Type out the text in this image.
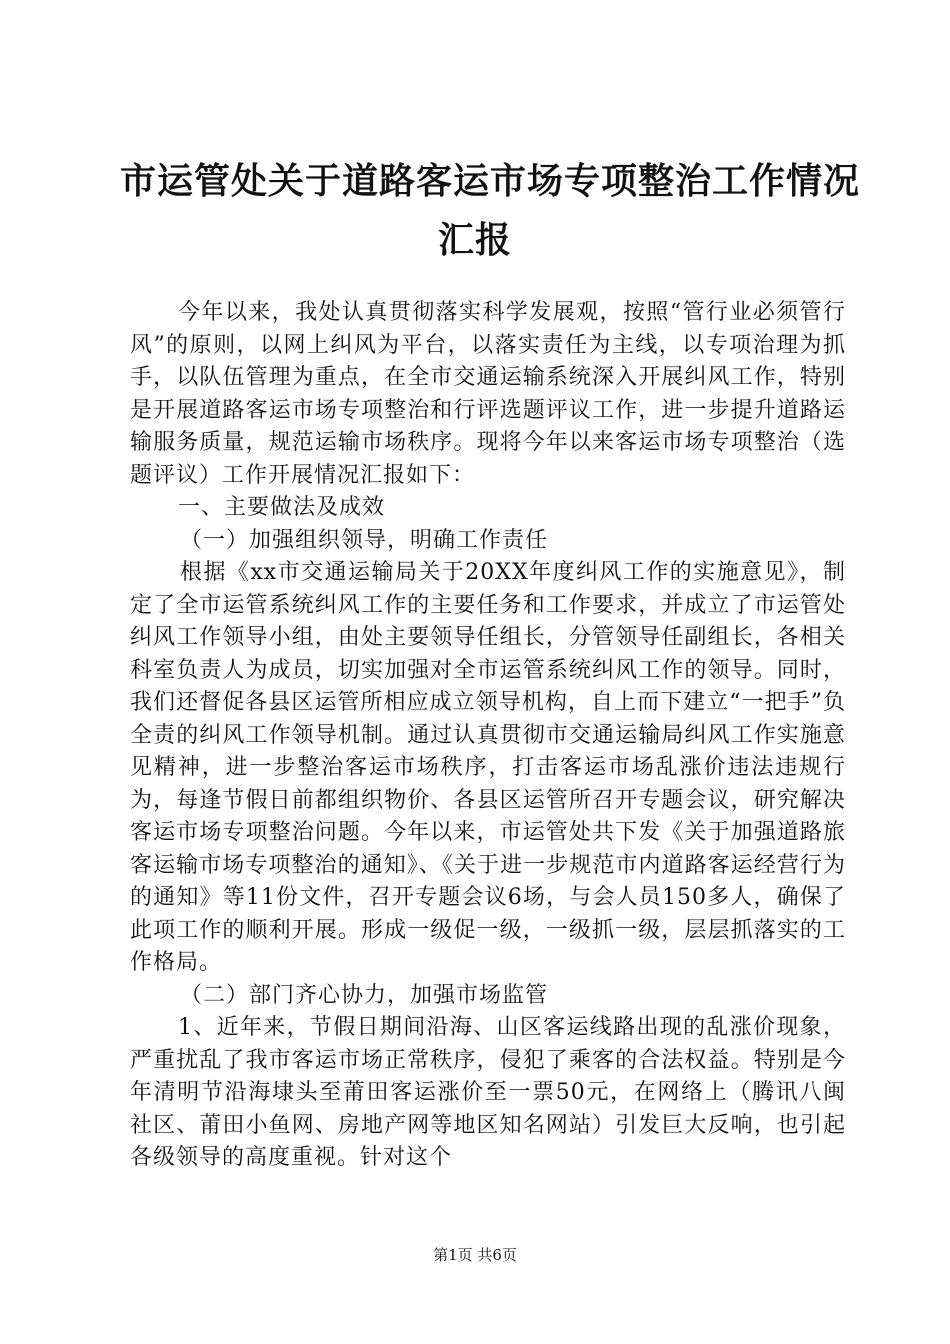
市运管处关于道路客运市场专项整治工作情况
汇报

今年以来，我处认真贯彻落实科学发展观，按照“管行业必须管行风”的原则，以网上纠风为平台，以落实责任为主线，以专项治理为抓手，以队伍管理为重点，在全市交通运输系统深入开展纠风工作，特别是开展道路客运市场专项整治和行评选题评议工作，进一步提升道路运输服务质量，规范运输市场秩序。现将今年以来客运市场专项整治（选题评议）工作开展情况汇报如下：

一、主要做法及成效

（一）加强组织领导，明确工作责任

根据《xx市交通运输局关于20XX年度纠风工作的实施意见》，制定了全市运管系统纠风工作的主要任务和工作要求，并成立了市运管处纠风工作领导小组，由处主要领导任组长，分管领导任副组长，各相关科室负责人为成员，切实加强对全市运管系统纠风工作的领导。同时，我们还督促各县区运管所相应成立领导机构，自上而下建立“一把手”负全责的纠风工作领导机制。通过认真贯彻市交通运输局纠风工作实施意见精神，进一步整治客运市场秩序，打击客运市场乱涨价违法违规行为，每逢节假日前都组织物价、各县区运管所召开专题会议，研究解决客运市场专项整治问题。今年以来，市运管处共下发《关于加强道路旅客运输市场专项整治的通知》、《关于进一步规范市内道路客运经营行为的通知》等11份文件，召开专题会议6场，与会人员150多人，确保了此项工作的顺利开展。形成一级促一级，一级抓一级，层层抓落实的工作格局。

（二）部门齐心协力，加强市场监管

1、近年来，节假日期间沿海、山区客运线路出现的乱涨价现象，严重扰乱了我市客运市场正常秩序，侵犯了乘客的合法权益。特别是今年清明节沿海埭头至莆田客运涨价至一票50元，在网络上（腾讯八闽社区、莆田小鱼网、房地产网等地区知名网站）引发巨大反响，也引起各级领导的高度重视。针对这个

第1页 共6页
